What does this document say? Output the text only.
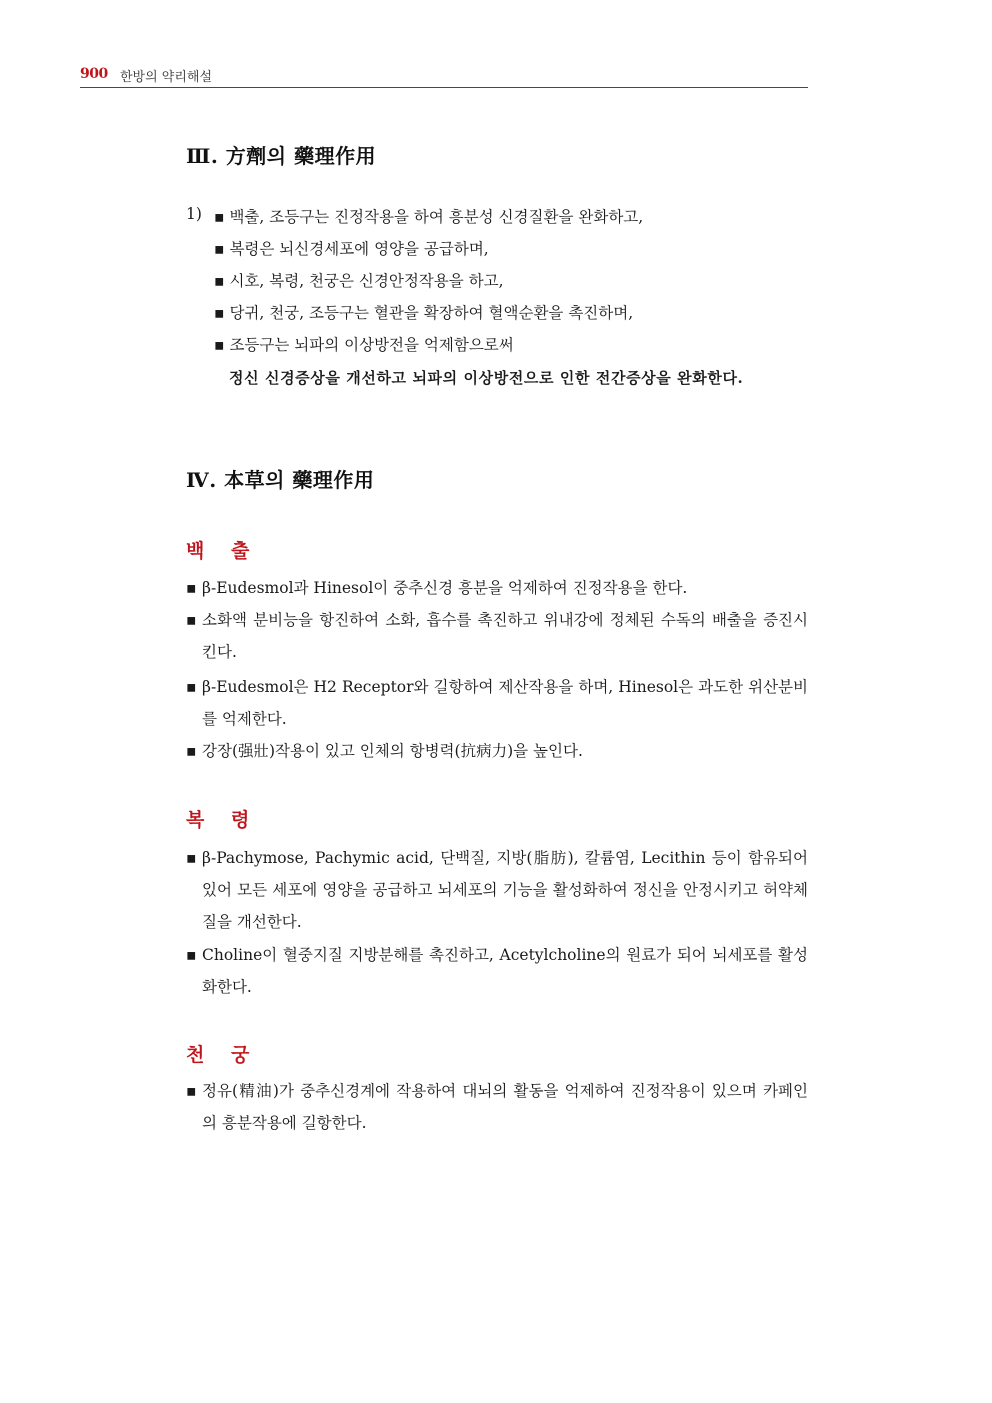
900 한방의 약리해설
Ⅲ. 方劑의 藥理作用
1) ▪ 백출, 조등구는 진정작용을 하여 흥분성 신경질환을 완화하고,
▪ 복령은 뇌신경세포에 영양을 공급하며,
▪ 시호, 복령, 천궁은 신경안정작용을 하고,
▪ 당귀, 천궁, 조등구는 혈관을 확장하여 혈액순환을 촉진하며,
▪ 조등구는 뇌파의 이상방전을 억제함으로써
정신 신경증상을 개선하고 뇌파의 이상방전으로 인한 전간증상을 완화한다.
Ⅳ. 本草의 藥理作用
백 출
▪ β-Eudesmol과 Hinesol이 중추신경 흥분을 억제하여 진정작용을 한다.
▪ 소화액 분비능을 항진하여 소화, 흡수를 촉진하고 위내강에 정체된 수독의 배출을 증진시킨다.
▪ β-Eudesmol은 H2 Receptor와 길항하여 제산작용을 하며, Hinesol은 과도한 위산분비를 억제한다.
▪ 강장(强壯)작용이 있고 인체의 항병력(抗病力)을 높인다.
복 령
▪ β-Pachymose, Pachymic acid, 단백질, 지방(脂肪), 칼륨염, Lecithin 등이 함유되어 있어 모든 세포에 영양을 공급하고 뇌세포의 기능을 활성화하여 정신을 안정시키고 허약체질을 개선한다.
▪ Choline이 혈중지질 지방분해를 촉진하고, Acetylcholine의 원료가 되어 뇌세포를 활성화한다.
천 궁
▪ 정유(精油)가 중추신경계에 작용하여 대뇌의 활동을 억제하여 진정작용이 있으며 카페인의 흥분작용에 길항한다.
